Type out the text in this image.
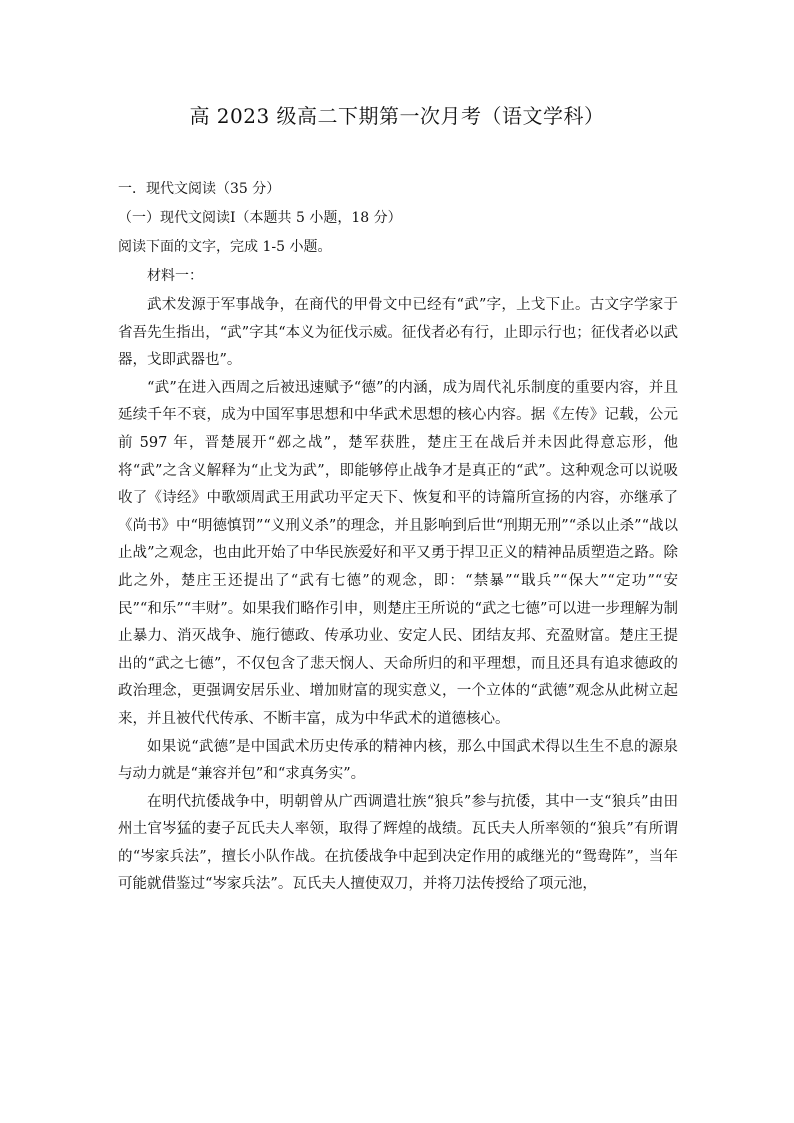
高 2023 级高二下期第一次月考（语文学科）
一．现代文阅读（35 分）
（一）现代文阅读Ⅰ（本题共 5 小题，18 分）
阅读下面的文字，完成 1-5 小题。
材料一：

武术发源于军事战争，在商代的甲骨文中已经有“武”字，上戈下止。古文字学家于省吾先生指出，“武”字其“本义为征伐示威。征伐者必有行，止即示行也；征伐者必以武器，戈即武器也”。

“武”在进入西周之后被迅速赋予“德”的内涵，成为周代礼乐制度的重要内容，并且延续千年不衰，成为中国军事思想和中华武术思想的核心内容。据《左传》记载，公元前 597 年，晋楚展开“邲之战”，楚军获胜，楚庄王在战后并未因此得意忘形，他将“武”之含义解释为“止戈为武”，即能够停止战争才是真正的“武”。这种观念可以说吸收了《诗经》中歌颂周武王用武功平定天下、恢复和平的诗篇所宣扬的内容，亦继承了《尚书》中“明德慎罚”“义刑义杀”的理念，并且影响到后世“刑期无刑”“杀以止杀”“战以止战”之观念，也由此开始了中华民族爱好和平又勇于捍卫正义的精神品质塑造之路。除此之外，楚庄王还提出了“武有七德”的观念，即：“禁暴”“戢兵”“保大”“定功”“安民”“和乐”“丰财”。如果我们略作引申，则楚庄王所说的“武之七德”可以进一步理解为制止暴力、消灭战争、施行德政、传承功业、安定人民、团结友邦、充盈财富。楚庄王提出的“武之七德”，不仅包含了悲天悯人、天命所归的和平理想，而且还具有追求德政的政治理念，更强调安居乐业、增加财富的现实意义，一个立体的“武德”观念从此树立起来，并且被代代传承、不断丰富，成为中华武术的道德核心。

如果说“武德”是中国武术历史传承的精神内核，那么中国武术得以生生不息的源泉与动力就是“兼容并包”和“求真务实”。

在明代抗倭战争中，明朝曾从广西调遣壮族“狼兵”参与抗倭，其中一支“狼兵”由田州土官岑猛的妻子瓦氏夫人率领，取得了辉煌的战绩。瓦氏夫人所率领的“狼兵”有所谓的“岑家兵法”，擅长小队作战。在抗倭战争中起到决定作用的戚继光的“鸳鸯阵”，当年可能就借鉴过“岑家兵法”。瓦氏夫人擅使双刀，并将刀法传授给了项元池，
